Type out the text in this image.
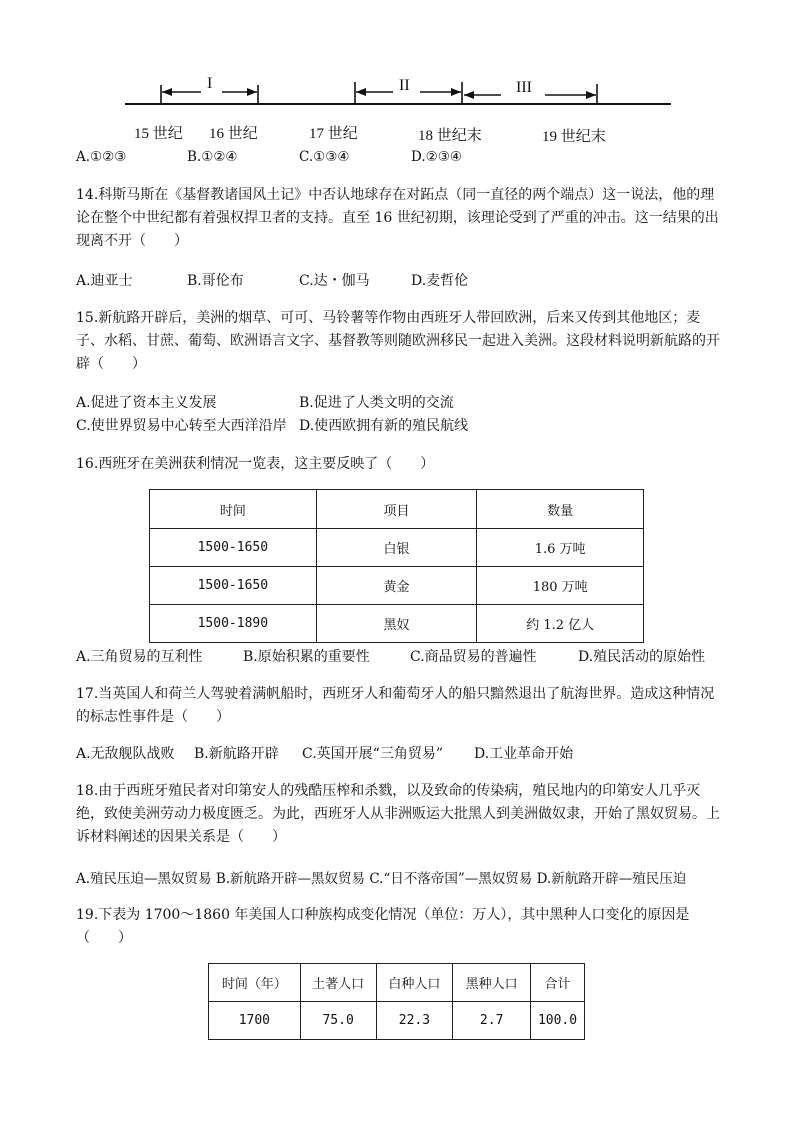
I	II	III
15 世纪 16 世纪	17 世纪	18 世纪末	19 世纪末
A.①②③	B.①②④	C.①③④	D.②③④
14.科斯马斯在《基督教诸国风土记》中否认地球存在对跖点（同一直径的两个端点）这一说法，他的理论在整个中世纪都有着强权捍卫者的支持。直至 16 世纪初期，该理论受到了严重的冲击。这一结果的出现离不开（　　）
A.迪亚士	B.哥伦布	C.达・伽马	D.麦哲伦
15.新航路开辟后，美洲的烟草、可可、马铃薯等作物由西班牙人带回欧洲，后来又传到其他地区；麦子、水稻、甘蔗、葡萄、欧洲语言文字、基督教等则随欧洲移民一起进入美洲。这段材料说明新航路的开辟（　　）
A.促进了资本主义发展	B.促进了人类文明的交流
C.使世界贸易中心转至大西洋沿岸 D.使西欧拥有新的殖民航线
16.西班牙在美洲获利情况一览表，这主要反映了（　　）
时间	项目	数量
1500-1650	白银	1.6 万吨
1500-1650	黄金	180 万吨
1500-1890	黑奴	约 1.2 亿人
A.三角贸易的互利性	B.原始积累的重要性	C.商品贸易的普遍性	D.殖民活动的原始性
17.当英国人和荷兰人驾驶着满帆船时，西班牙人和葡萄牙人的船只黯然退出了航海世界。造成这种情况的标志性事件是（　　）
A.无敌舰队战败 B.新航路开辟 C.英国开展“三角贸易” D.工业革命开始
18.由于西班牙殖民者对印第安人的残酷压榨和杀戮，以及致命的传染病，殖民地内的印第安人几乎灭绝，致使美洲劳动力极度匮乏。为此，西班牙人从非洲贩运大批黑人到美洲做奴隶，开始了黑奴贸易。上诉材料阐述的因果关系是（　　）
A.殖民压迫—黑奴贸易 B.新航路开辟—黑奴贸易 C.“日不落帝国”—黑奴贸易 D.新航路开辟—殖民压迫
19.下表为 1700～1860 年美国人口种族构成变化情况（单位：万人），其中黑种人口变化的原因是（　　）
时间（年）	土著人口	白种人口	黑种人口	合计
1700	75.0	22.3	2.7	100.0
